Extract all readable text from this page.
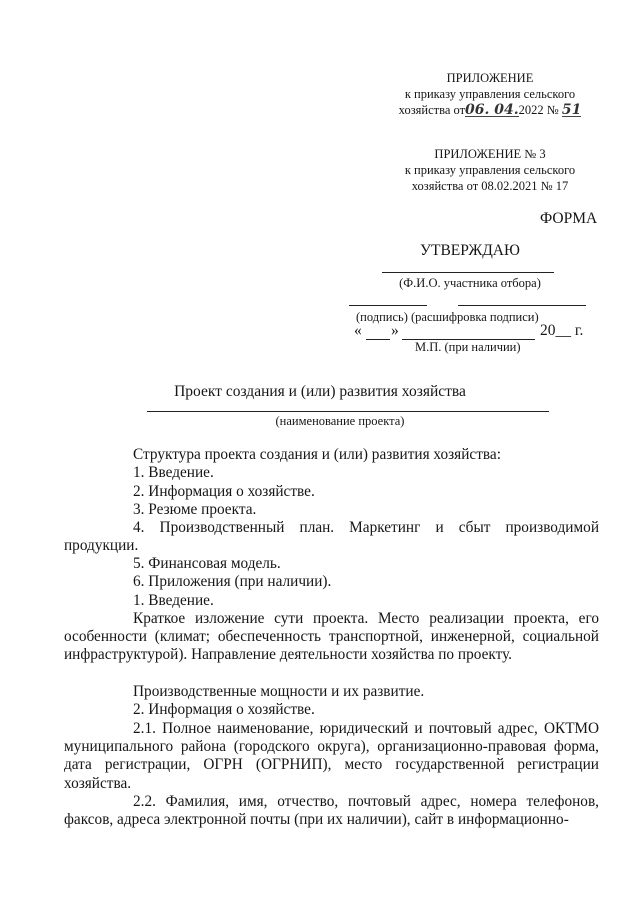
ПРИЛОЖЕНИЕ
к приказу управления сельского
хозяйства от06. 04.2022 № 51
ПРИЛОЖЕНИЕ № 3
к приказу управления сельского
хозяйства от 08.02.2021 № 17
ФОРМА
УТВЕРЖДАЮ
(Ф.И.О. участника отбора)
(подпись) (расшифровка подписи)
« »	20__ г.
М.П. (при наличии)
Проект создания и (или) развития хозяйства
(наименование проекта)
Структура проекта создания и (или) развития хозяйства:
1. Введение.
2. Информация о хозяйстве.
3. Резюме проекта.
4. Производственный план. Маркетинг и сбыт производимой
продукции.
5. Финансовая модель.
6. Приложения (при наличии).
1. Введение.
Краткое изложение сути проекта. Место реализации проекта, его
особенности (климат; обеспеченность транспортной, инженерной, социальной инфраструктурой). Направление деятельности хозяйства по проекту.
Производственные мощности и их развитие.
2. Информация о хозяйстве.
2.1. Полное наименование, юридический и почтовый адрес, ОКТМО
муниципального района (городского округа), организационно-правовая форма, дата регистрации, ОГРН (ОГРНИП), место государственной регистрации хозяйства.
2.2. Фамилия, имя, отчество, почтовый адрес, номера телефонов,
факсов, адреса электронной почты (при их наличии), сайт в информационно-
